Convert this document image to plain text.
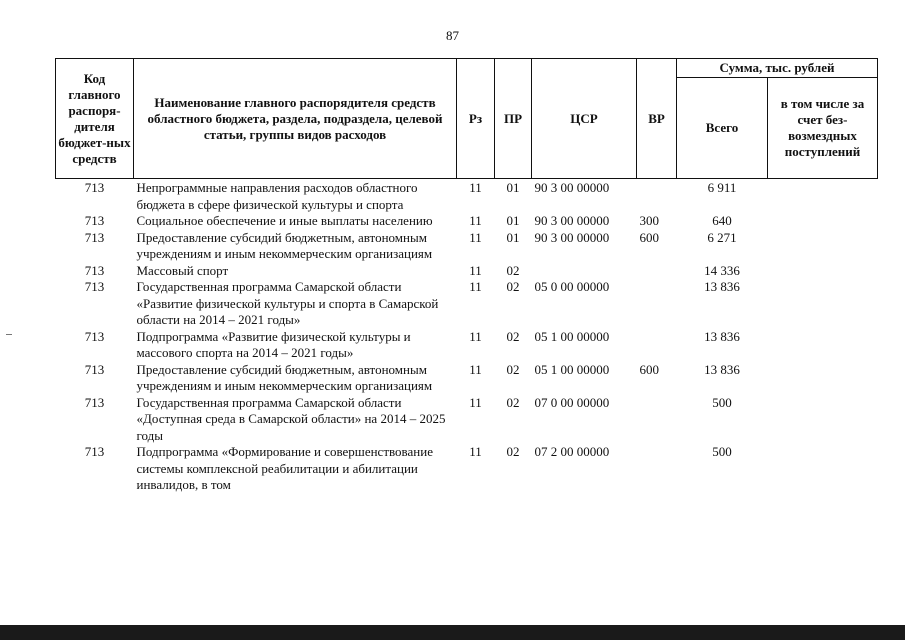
87
Код главного распоря-дителя бюджет-ных средств	Наименование главного распорядителя средств областного бюджета, раздела, подраздела, целевой статьи, группы видов расходов	Рз	ПР	ЦСР	ВР	Сумма, тыс. рублей	
						Всего	в том числе за счет без-возмездных поступлений
713	Непрограммные направления расходов областного бюджета в сфере физической культуры и спорта	11	01	90 3 00 00000		6 911	
713	Социальное обеспечение и иные выплаты населению	11	01	90 3 00 00000	300	640	
713	Предоставление субсидий бюджетным, автономным учреждениям и иным некоммерческим организациям	11	01	90 3 00 00000	600	6 271	
713	Массовый спорт	11	02			14 336	
713	Государственная программа Самарской области «Развитие физической культуры и спорта в Самарской области на 2014 – 2021 годы»	11	02	05 0 00 00000		13 836	
713	Подпрограмма «Развитие физической культуры и массового спорта на 2014 – 2021 годы»	11	02	05 1 00 00000		13 836	
713	Предоставление субсидий бюджетным, автономным учреждениям и иным некоммерческим организациям	11	02	05 1 00 00000	600	13 836	
713	Государственная программа Самарской области «Доступная среда в Самарской области» на 2014 – 2025 годы	11	02	07 0 00 00000		500	
713	Подпрограмма «Формирование и совершенствование системы комплексной реабилитации и абилитации инвалидов, в том	11	02	07 2 00 00000		500	
